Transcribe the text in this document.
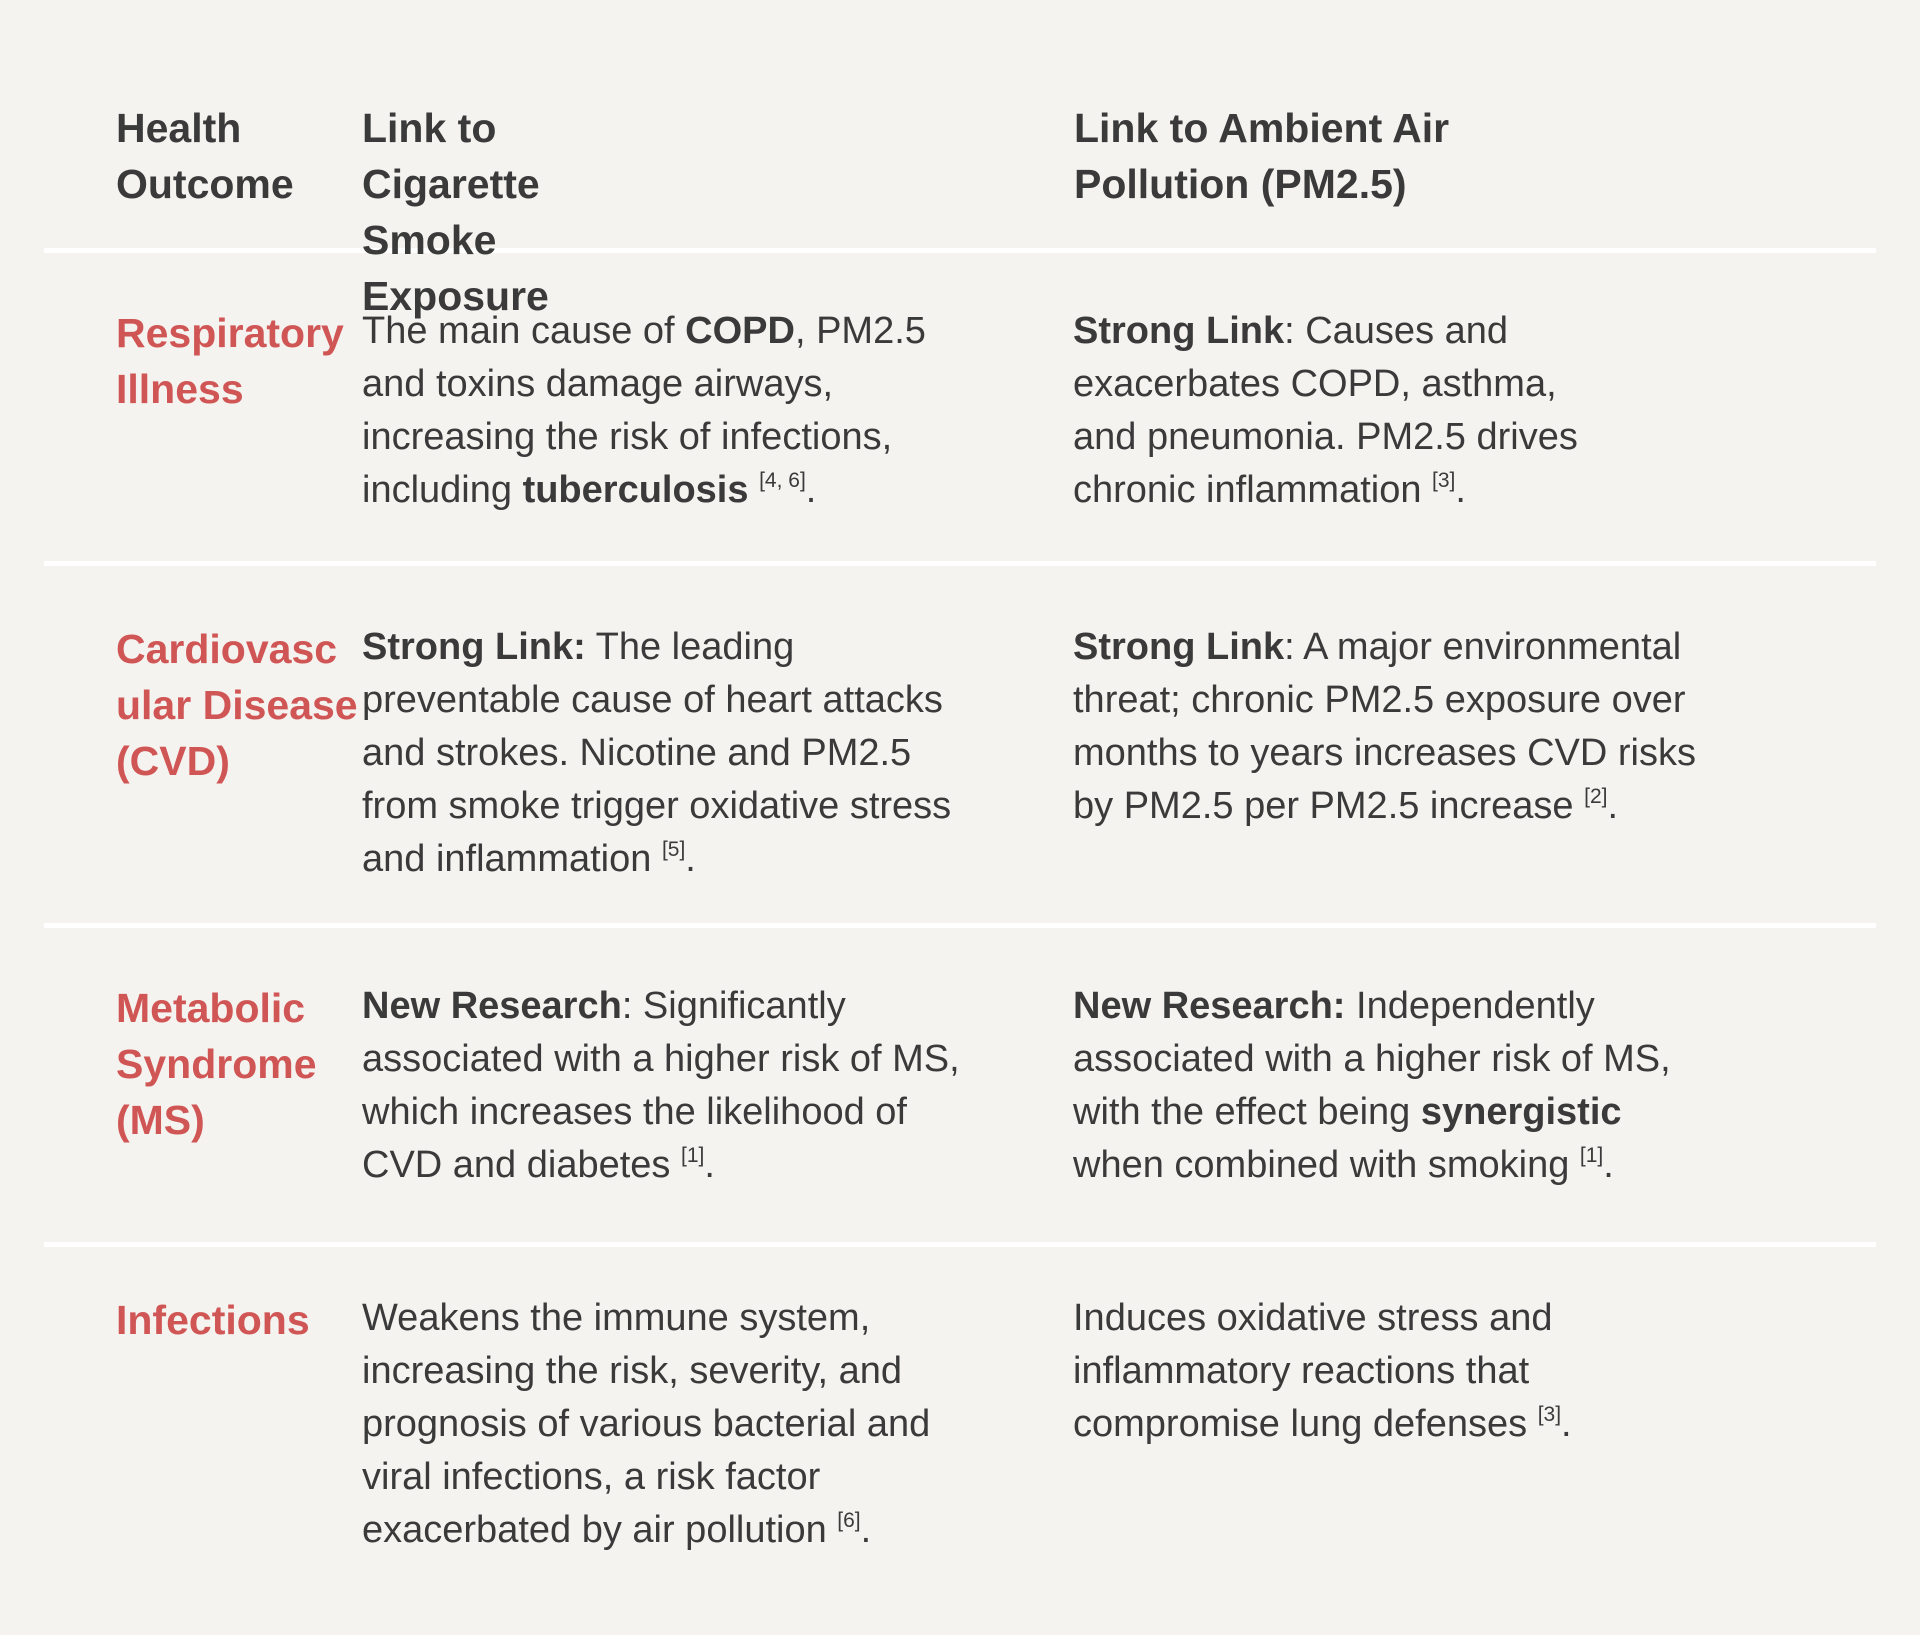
Health Outcome
Link to Cigarette Smoke Exposure
Link to Ambient Air Pollution (PM2.5)
Respiratory Illness
The main cause of COPD, PM2.5 and toxins damage airways, increasing the risk of infections, including tuberculosis [4, 6].
Strong Link: Causes and exacerbates COPD, asthma, and pneumonia. PM2.5 drives chronic inflammation [3].
Cardiovascular Disease (CVD)
Strong Link: The leading preventable cause of heart attacks and strokes. Nicotine and PM2.5 from smoke trigger oxidative stress and inflammation [5].
Strong Link: A major environmental threat; chronic PM2.5 exposure over months to years increases CVD risks by PM2.5 per PM2.5 increase [2].
Metabolic Syndrome (MS)
New Research: Significantly associated with a higher risk of MS, which increases the likelihood of CVD and diabetes [1].
New Research: Independently associated with a higher risk of MS, with the effect being synergistic when combined with smoking [1].
Infections	Weakens the immune system, increasing the risk, severity, and prognosis of various bacterial and viral infections, a risk factor exacerbated by air pollution [6].
Induces oxidative stress and inflammatory reactions that compromise lung defenses [3].
